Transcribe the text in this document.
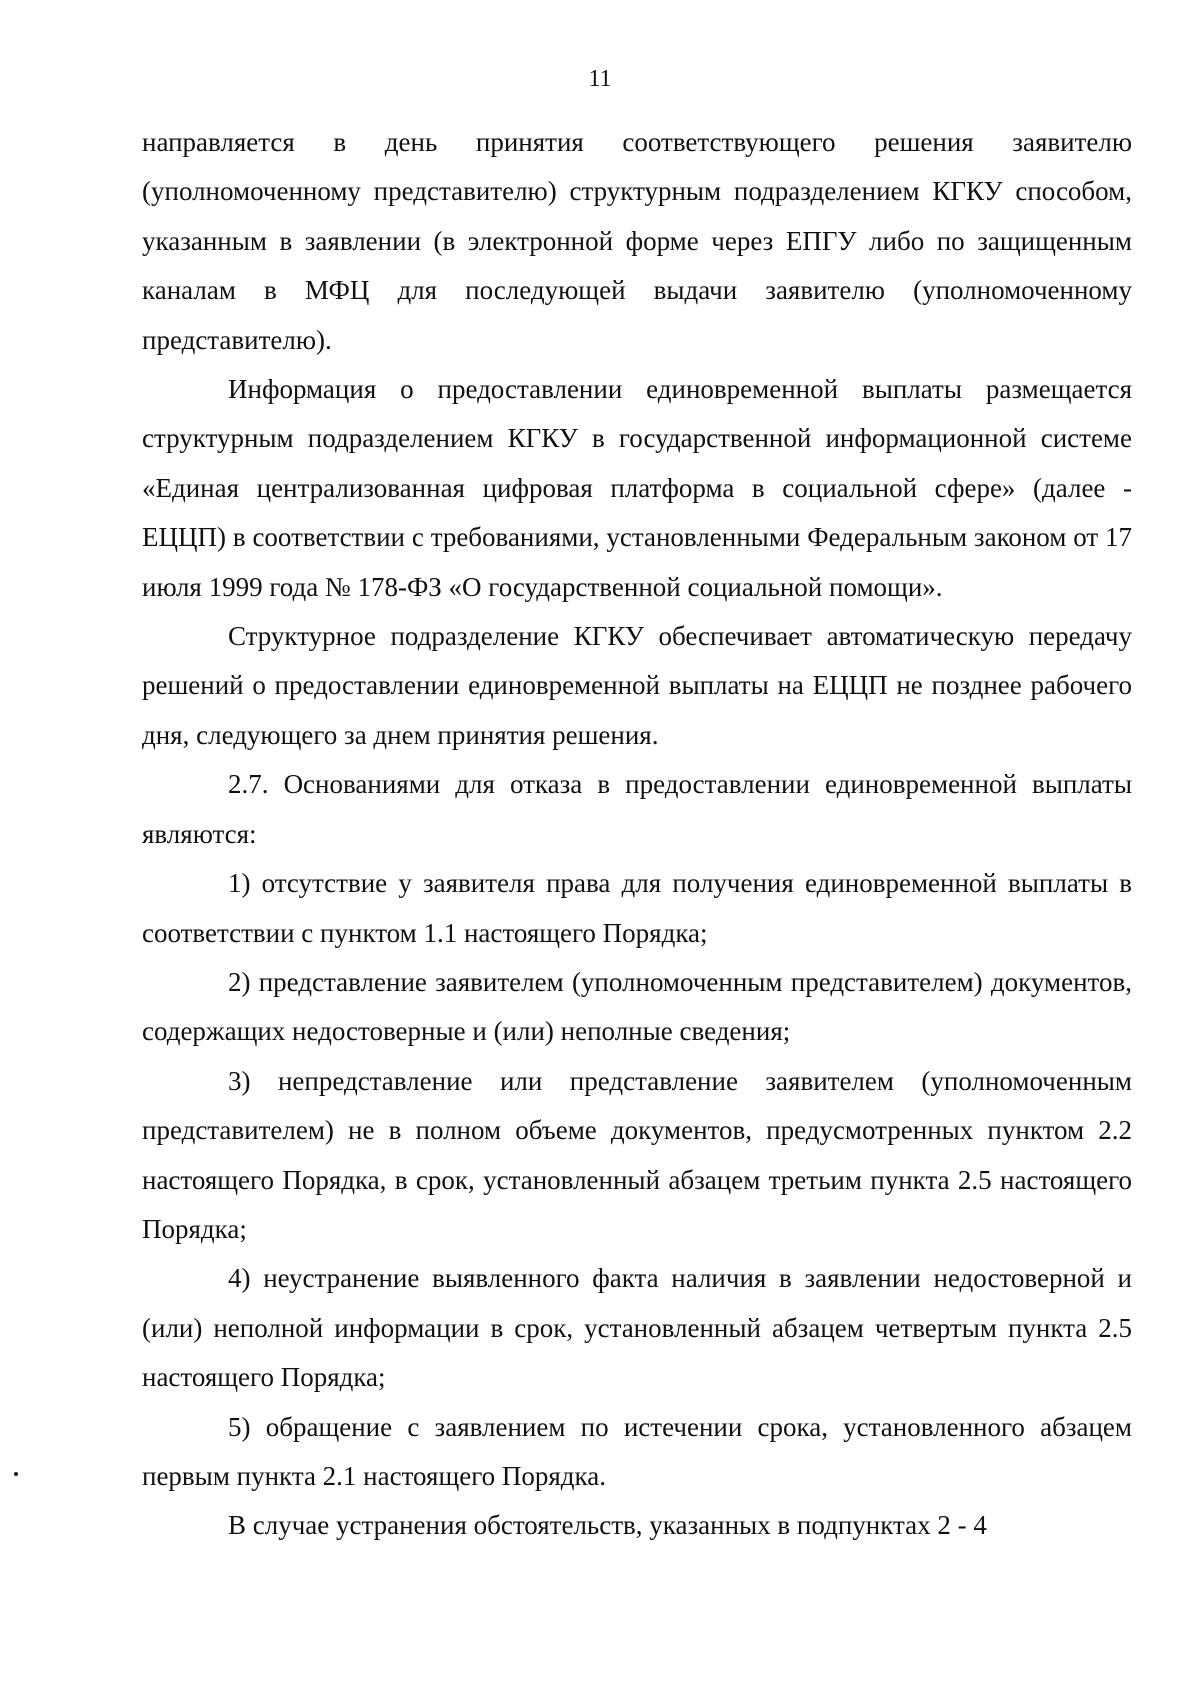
11

направляется в день принятия соответствующего решения заявителю (уполномоченному представителю) структурным подразделением КГКУ способом, указанным в заявлении (в электронной форме через ЕПГУ либо по защищенным каналам в МФЦ для последующей выдачи заявителю (уполномоченному представителю).

Информация о предоставлении единовременной выплаты размещается структурным подразделением КГКУ в государственной информационной системе «Единая централизованная цифровая платформа в социальной сфере» (далее - ЕЦЦП) в соответствии с требованиями, установленными Федеральным законом от 17 июля 1999 года № 178-ФЗ «О государственной социальной помощи».

Структурное подразделение КГКУ обеспечивает автоматическую передачу решений о предоставлении единовременной выплаты на ЕЦЦП не позднее рабочего дня, следующего за днем принятия решения.

2.7. Основаниями для отказа в предоставлении единовременной выплаты являются:

1) отсутствие у заявителя права для получения единовременной выплаты в соответствии с пунктом 1.1 настоящего Порядка;

2) представление заявителем (уполномоченным представителем) документов, содержащих недостоверные и (или) неполные сведения;

3) непредставление или представление заявителем (уполномоченным представителем) не в полном объеме документов, предусмотренных пунктом 2.2 настоящего Порядка, в срок, установленный абзацем третьим пункта 2.5 настоящего Порядка;

4) неустранение выявленного факта наличия в заявлении недостоверной и (или) неполной информации в срок, установленный абзацем четвертым пункта 2.5 настоящего Порядка;

5) обращение с заявлением по истечении срока, установленного абзацем первым пункта 2.1 настоящего Порядка.

В случае устранения обстоятельств, указанных в подпунктах 2 - 4
